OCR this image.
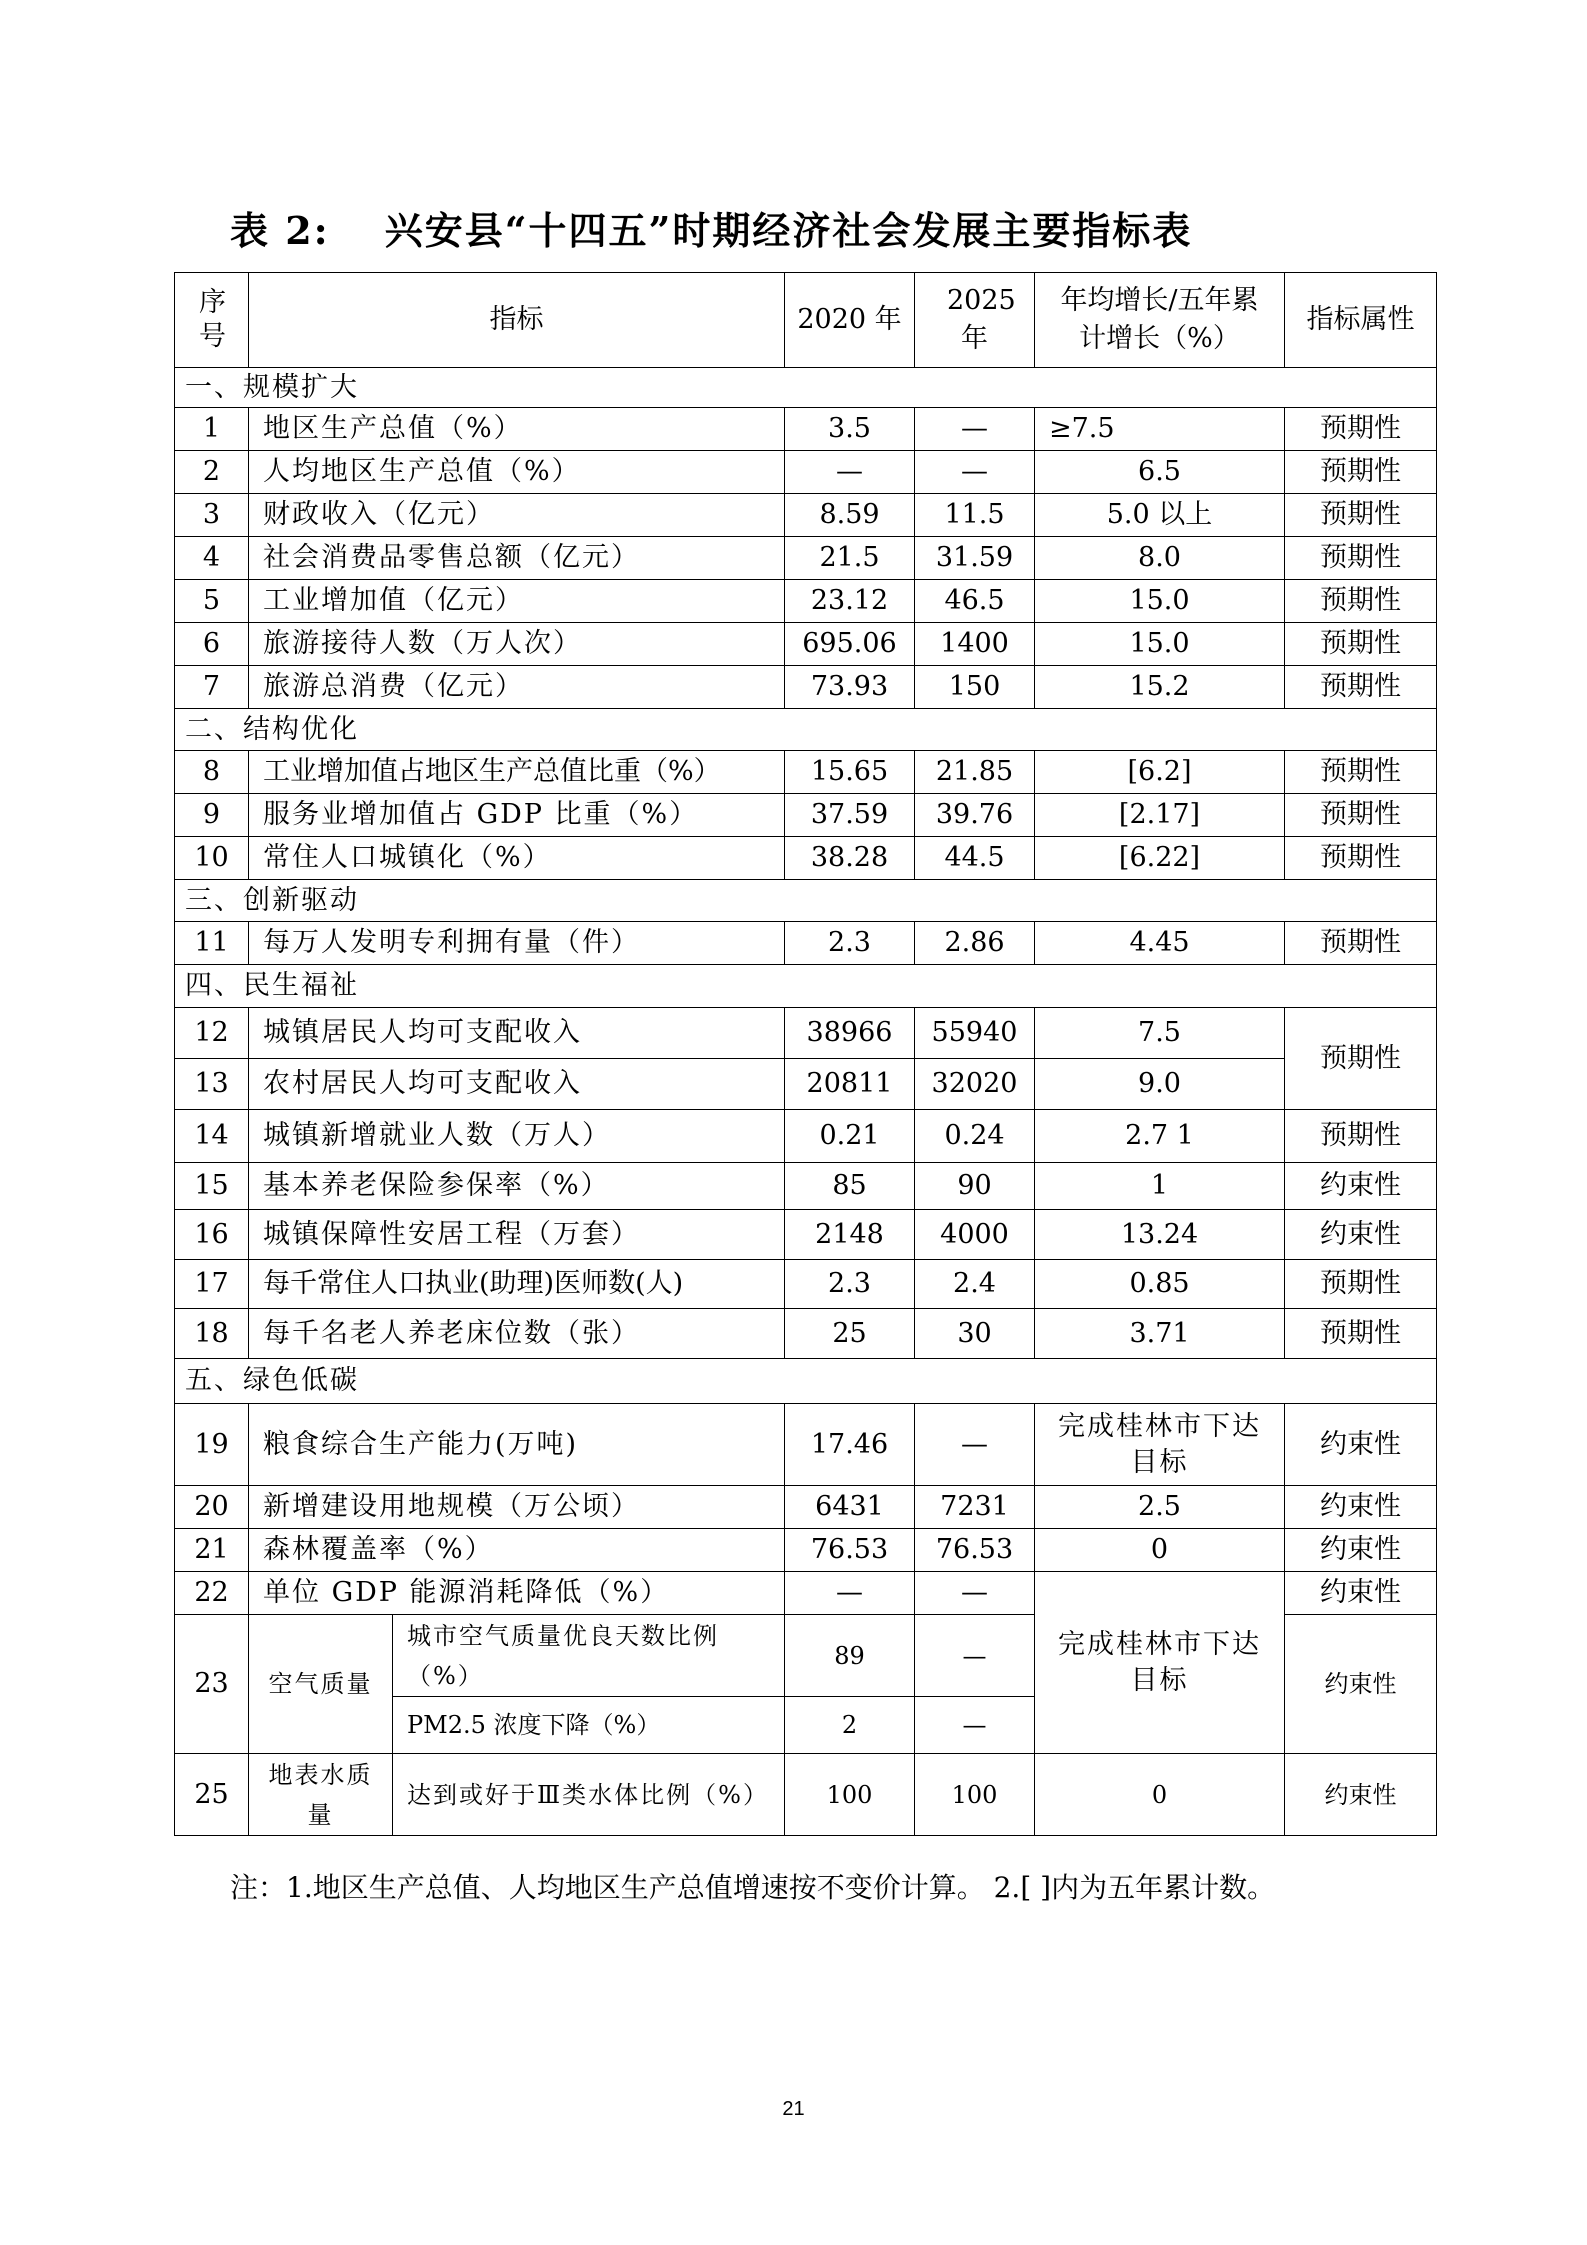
表 2: 兴安县“十四五”时期经济社会发展主要指标表
序号	指标		2020 年	2025 年	年均增长/五年累计增长（%）	指标属性
一、规模扩大						
1	地区生产总值（%）		3.5	—	≥7.5	预期性
2	人均地区生产总值（%）		—	—	6.5	预期性
3	财政收入（亿元）		8.59	11.5	5.0 以上	预期性
4	社会消费品零售总额（亿元）		21.5	31.59	8.0	预期性
5	工业增加值（亿元）		23.12	46.5	15.0	预期性
6	旅游接待人数（万人次）		695.06	1400	15.0	预期性
7	旅游总消费（亿元）		73.93	150	15.2	预期性
二、结构优化						
8	工业增加值占地区生产总值比重（%）		15.65	21.85	[6.2]	预期性
9	服务业增加值占 GDP 比重（%）		37.59	39.76	[2.17]	预期性
10	常住人口城镇化（%）		38.28	44.5	[6.22]	预期性
三、创新驱动						
11	每万人发明专利拥有量（件）		2.3	2.86	4.45	预期性
四、民生福祉						
12	城镇居民人均可支配收入		38966	55940	7.5	预期性
13	农村居民人均可支配收入		20811	32020	9.0	
14	城镇新增就业人数（万人）		0.21	0.24	2.7 1	预期性
15	基本养老保险参保率（%）		85	90	1	约束性
16	城镇保障性安居工程（万套）		2148	4000	13.24	约束性
17	每千常住人口执业(助理)医师数(人)		2.3	2.4	0.85	预期性
18	每千名老人养老床位数（张）		25	30	3.71	预期性
五、绿色低碳						
19	粮食综合生产能力(万吨)		17.46	—	完成桂林市下达目标	约束性
20	新增建设用地规模（万公顷）		6431	7231	2.5	约束性
21	森林覆盖率（%）		76.53	76.53	0	约束性
22	单位 GDP 能源消耗降低（%）		—	—	完成桂林市下达目标	约束性
23	空气质量	城市空气质量优良天数比例（%）	89	—		约束性
		PM2.5 浓度下降（%）	2	—		
25	地表水质量	达到或好于Ⅲ类水体比例（%）	100	100	0	约束性
注：1.地区生产总值、人均地区生产总值增速按不变价计算。 2.[ ]内为五年累计数。
21
